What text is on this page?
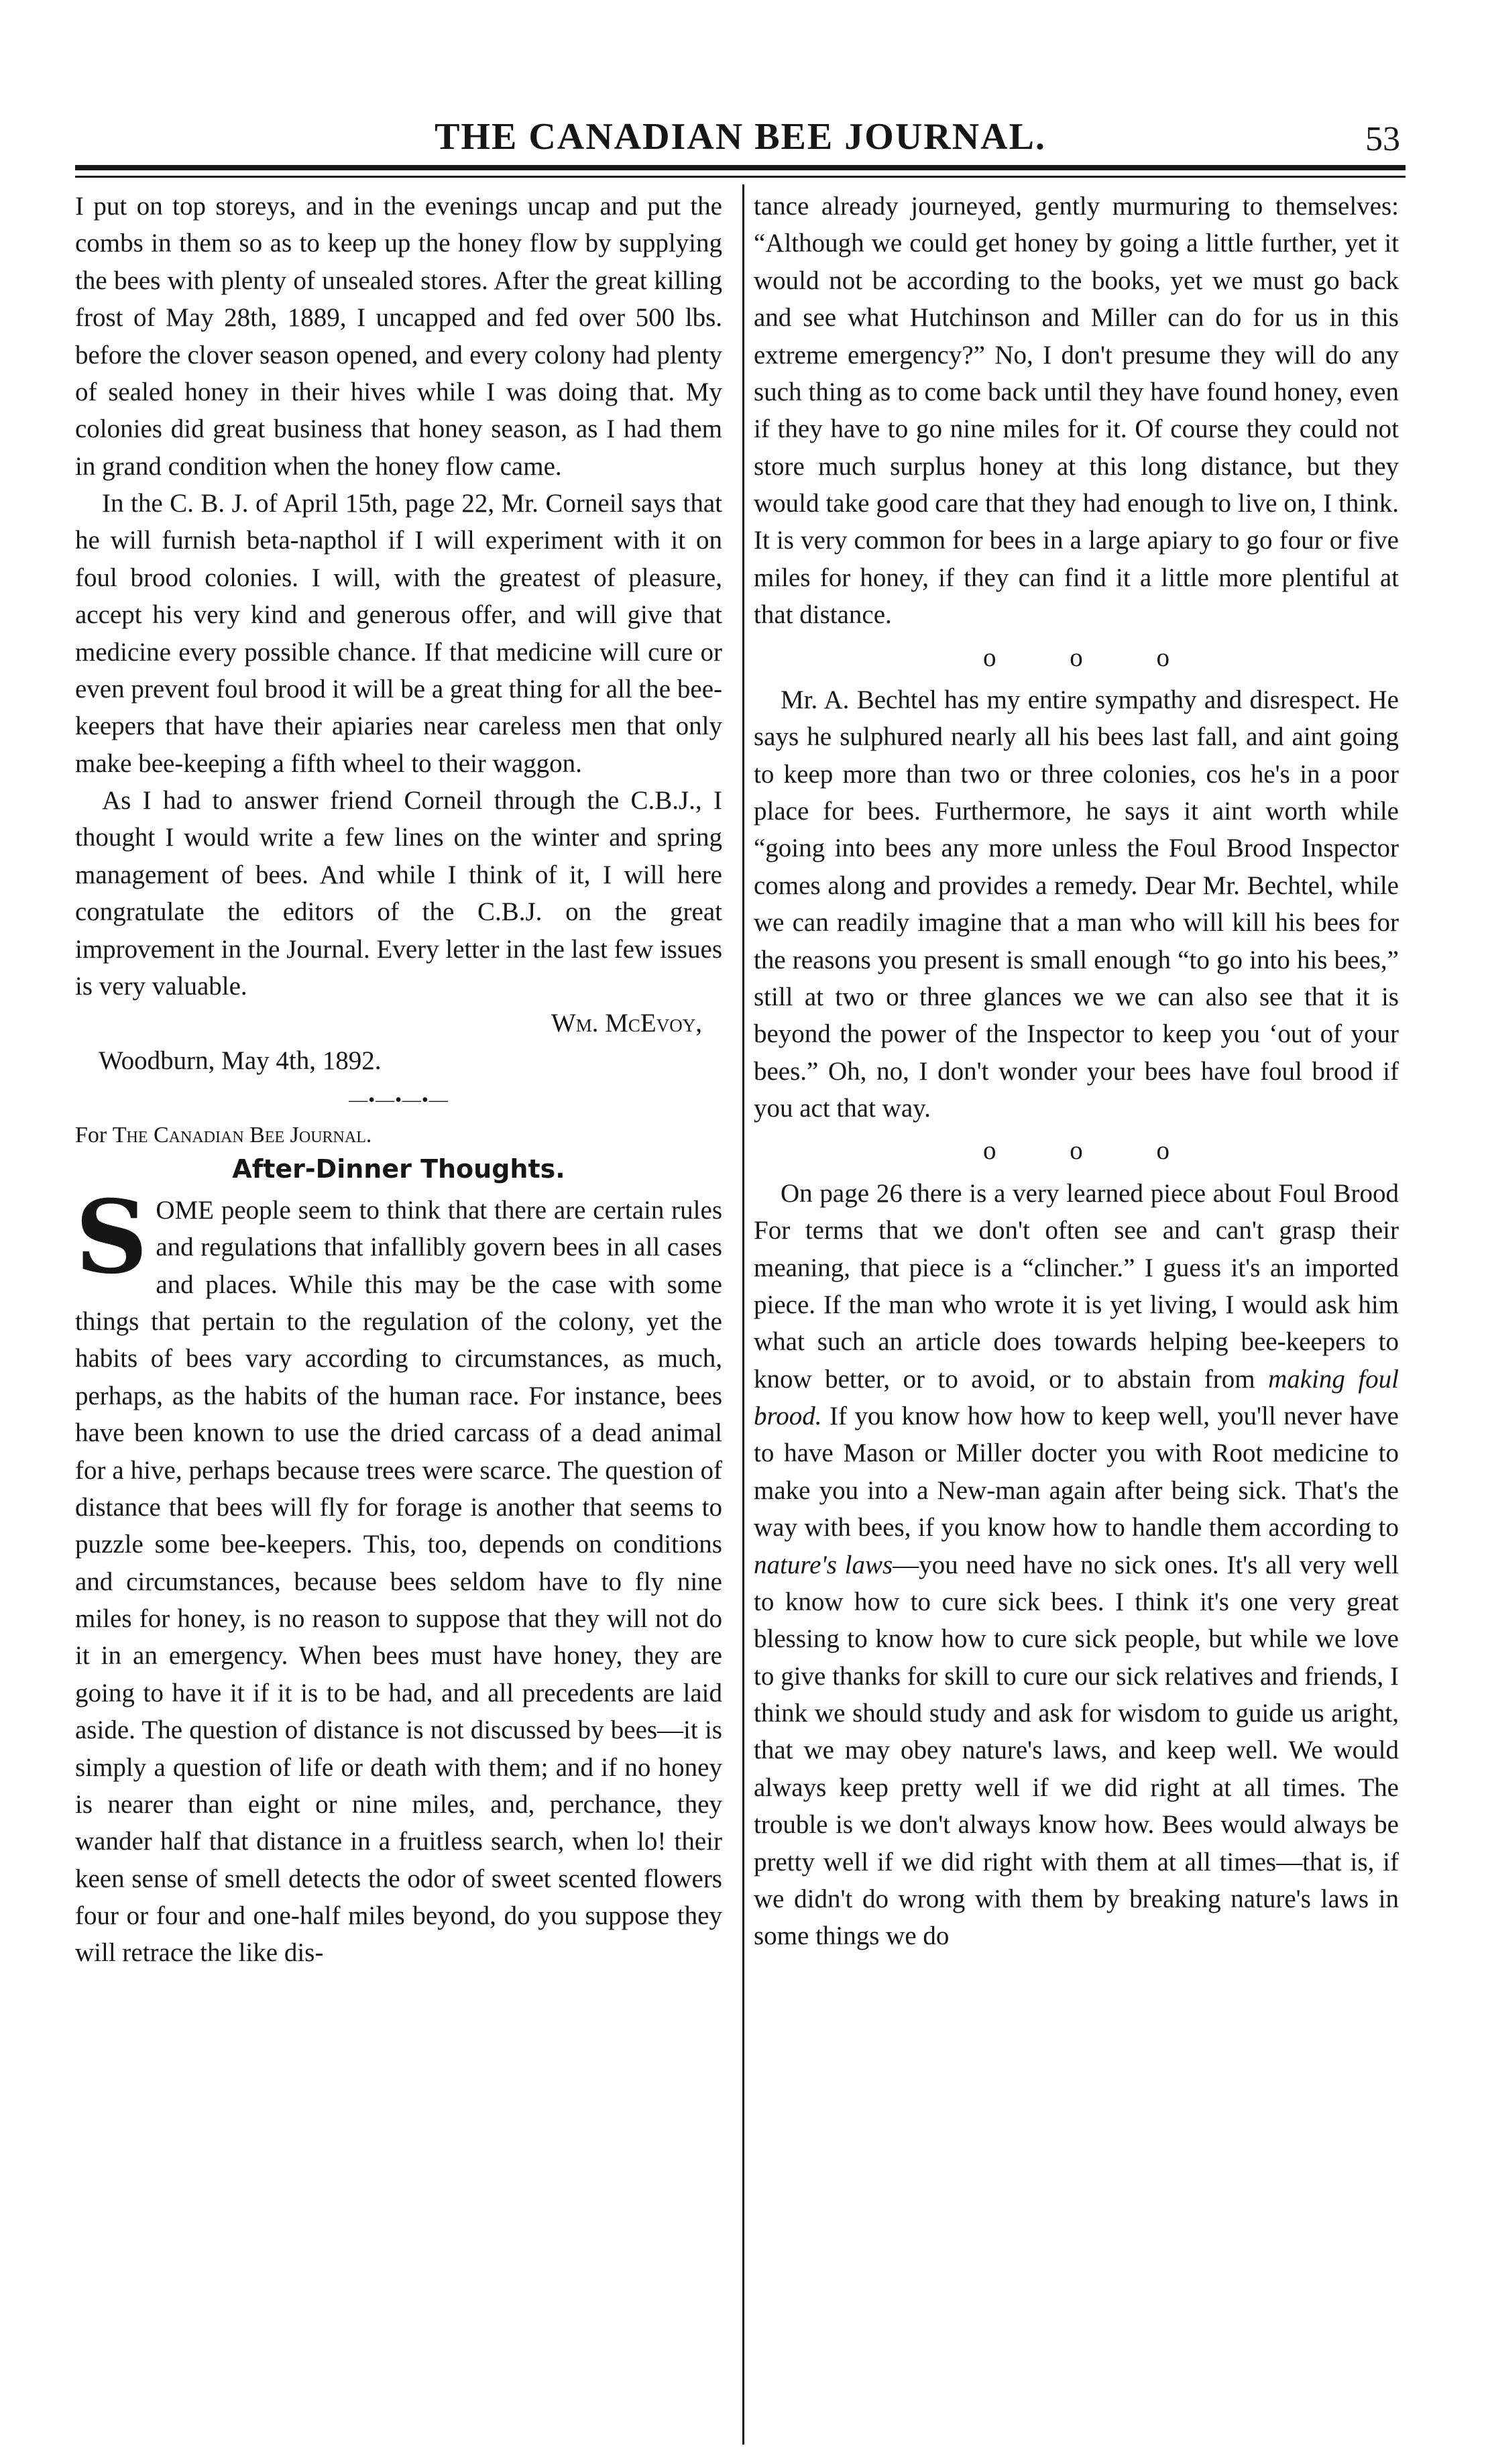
THE CANADIAN BEE JOURNAL.	53

I put on top storeys, and in the evenings uncap and put the combs in them so as to keep up the honey flow by supplying the bees with plenty of unsealed stores. After the great killing frost of May 28th, 1889, I uncapped and fed over 500 lbs. before the clover season opened, and every colony had plenty of sealed honey in their hives while I was doing that. My colonies did great business that honey season, as I had them in grand condition when the honey flow came.

In the C. B. J. of April 15th, page 22, Mr. Corneil says that he will furnish beta-napthol if I will experiment with it on foul brood colonies. I will, with the greatest of pleasure, accept his very kind and generous offer, and will give that medicine every possible chance. If that medicine will cure or even prevent foul brood it will be a great thing for all the bee-keepers that have their apiaries near careless men that only make bee-keeping a fifth wheel to their waggon.

As I had to answer friend Corneil through the C.B.J., I thought I would write a few lines on the winter and spring management of bees. And while I think of it, I will here congratulate the editors of the C.B.J. on the great improvement in the Journal. Every letter in the last few issues is very valuable.

Wm. McEvoy,

Woodburn, May 4th, 1892.

—•—•—•—

For The Canadian Bee Journal.

After-Dinner Thoughts.

S OME people seem to think that there are certain rules and regulations that infallibly govern bees in all cases and places. While this may be the case with some things that pertain to the regulation of the colony, yet the habits of bees vary according to circumstances, as much, perhaps, as the habits of the human race. For instance, bees have been known to use the dried carcass of a dead animal for a hive, perhaps because trees were scarce. The question of distance that bees will fly for forage is another that seems to puzzle some bee-keepers. This, too, depends on conditions and circumstances, because bees seldom have to fly nine miles for honey, is no reason to suppose that they will not do it in an emergency. When bees must have honey, they are going to have it if it is to be had, and all precedents are laid aside. The question of distance is not discussed by bees—it is simply a question of life or death with them; and if no honey is nearer than eight or nine miles, and, perchance, they wander half that distance in a fruitless search, when lo! their keen sense of smell detects the odor of sweet scented flowers four or four and one-half miles beyond, do you suppose they will retrace the like dis-

tance already journeyed, gently murmuring to themselves: “Although we could get honey by going a little further, yet it would not be according to the books, yet we must go back and see what Hutchinson and Miller can do for us in this extreme emergency?” No, I don't presume they will do any such thing as to come back until they have found honey, even if they have to go nine miles for it. Of course they could not store much surplus honey at this long distance, but they would take good care that they had enough to live on, I think. It is very common for bees in a large apiary to go four or five miles for honey, if they can find it a little more plentiful at that distance.

o o o

Mr. A. Bechtel has my entire sympathy and disrespect. He says he sulphured nearly all his bees last fall, and aint going to keep more than two or three colonies, cos he's in a poor place for bees. Furthermore, he says it aint worth while “going into bees any more unless the Foul Brood Inspector comes along and provides a remedy. Dear Mr. Bechtel, while we can readily imagine that a man who will kill his bees for the reasons you present is small enough “to go into his bees,” still at two or three glances we we can also see that it is beyond the power of the Inspector to keep you ‘out of your bees.” Oh, no, I don't wonder your bees have foul brood if you act that way.

o o o

On page 26 there is a very learned piece about Foul Brood For terms that we don't often see and can't grasp their meaning, that piece is a “clincher.” I guess it's an imported piece. If the man who wrote it is yet living, I would ask him what such an article does towards helping bee-keepers to know better, or to avoid, or to abstain from making foul brood. If you know how how to keep well, you'll never have to have Mason or Miller docter you with Root medicine to make you into a New-man again after being sick. That's the way with bees, if you know how to handle them according to nature's laws—you need have no sick ones. It's all very well to know how to cure sick bees. I think it's one very great blessing to know how to cure sick people, but while we love to give thanks for skill to cure our sick relatives and friends, I think we should study and ask for wisdom to guide us aright, that we may obey nature's laws, and keep well. We would always keep pretty well if we did right at all times. The trouble is we don't always know how. Bees would always be pretty well if we did right with them at all times—that is, if we didn't do wrong with them by breaking nature's laws in some things we do
